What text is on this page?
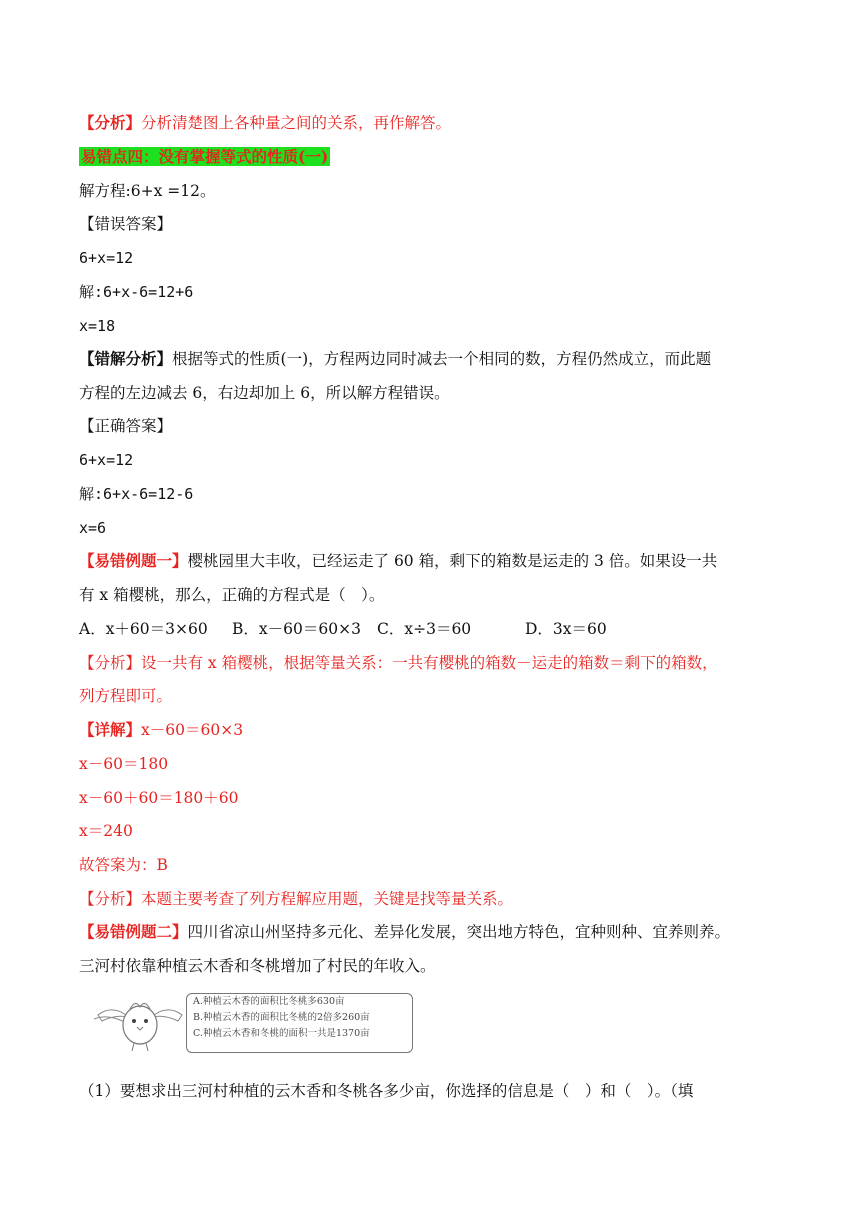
【分析】分析清楚图上各种量之间的关系，再作解答。
易错点四：没有掌握等式的性质(一)
解方程:6+x =12。
【错误答案】
6+x=12
解:6+x-6=12+6
x=18
【错解分析】根据等式的性质(一)，方程两边同时减去一个相同的数，方程仍然成立，而此题
方程的左边减去 6，右边却加上 6，所以解方程错误。
【正确答案】
6+x=12
解:6+x-6=12-6
x=6
【易错例题一】樱桃园里大丰收，已经运走了 60 箱，剩下的箱数是运走的 3 倍。如果设一共
有 x 箱樱桃，那么，正确的方程式是（　）。
A．x＋60＝3×60 B．x－60＝60×3 C．x÷3＝60	D．3x＝60
【分析】设一共有 x 箱樱桃，根据等量关系：一共有樱桃的箱数－运走的箱数＝剩下的箱数，
列方程即可。
【详解】x－60＝60×3
x－60＝180
x－60＋60＝180＋60
x＝240
故答案为：B
【分析】本题主要考查了列方程解应用题，关键是找等量关系。
【易错例题二】四川省凉山州坚持多元化、差异化发展，突出地方特色，宜种则种、宜养则养。
三河村依靠种植云木香和冬桃增加了村民的年收入。
A.种植云木香的面积比冬桃多630亩
B.种植云木香的面积比冬桃的2倍多260亩
C.种植云木香和冬桃的面积一共是1370亩
（1）要想求出三河村种植的云木香和冬桃各多少亩，你选择的信息是（　）和（　）。（填
